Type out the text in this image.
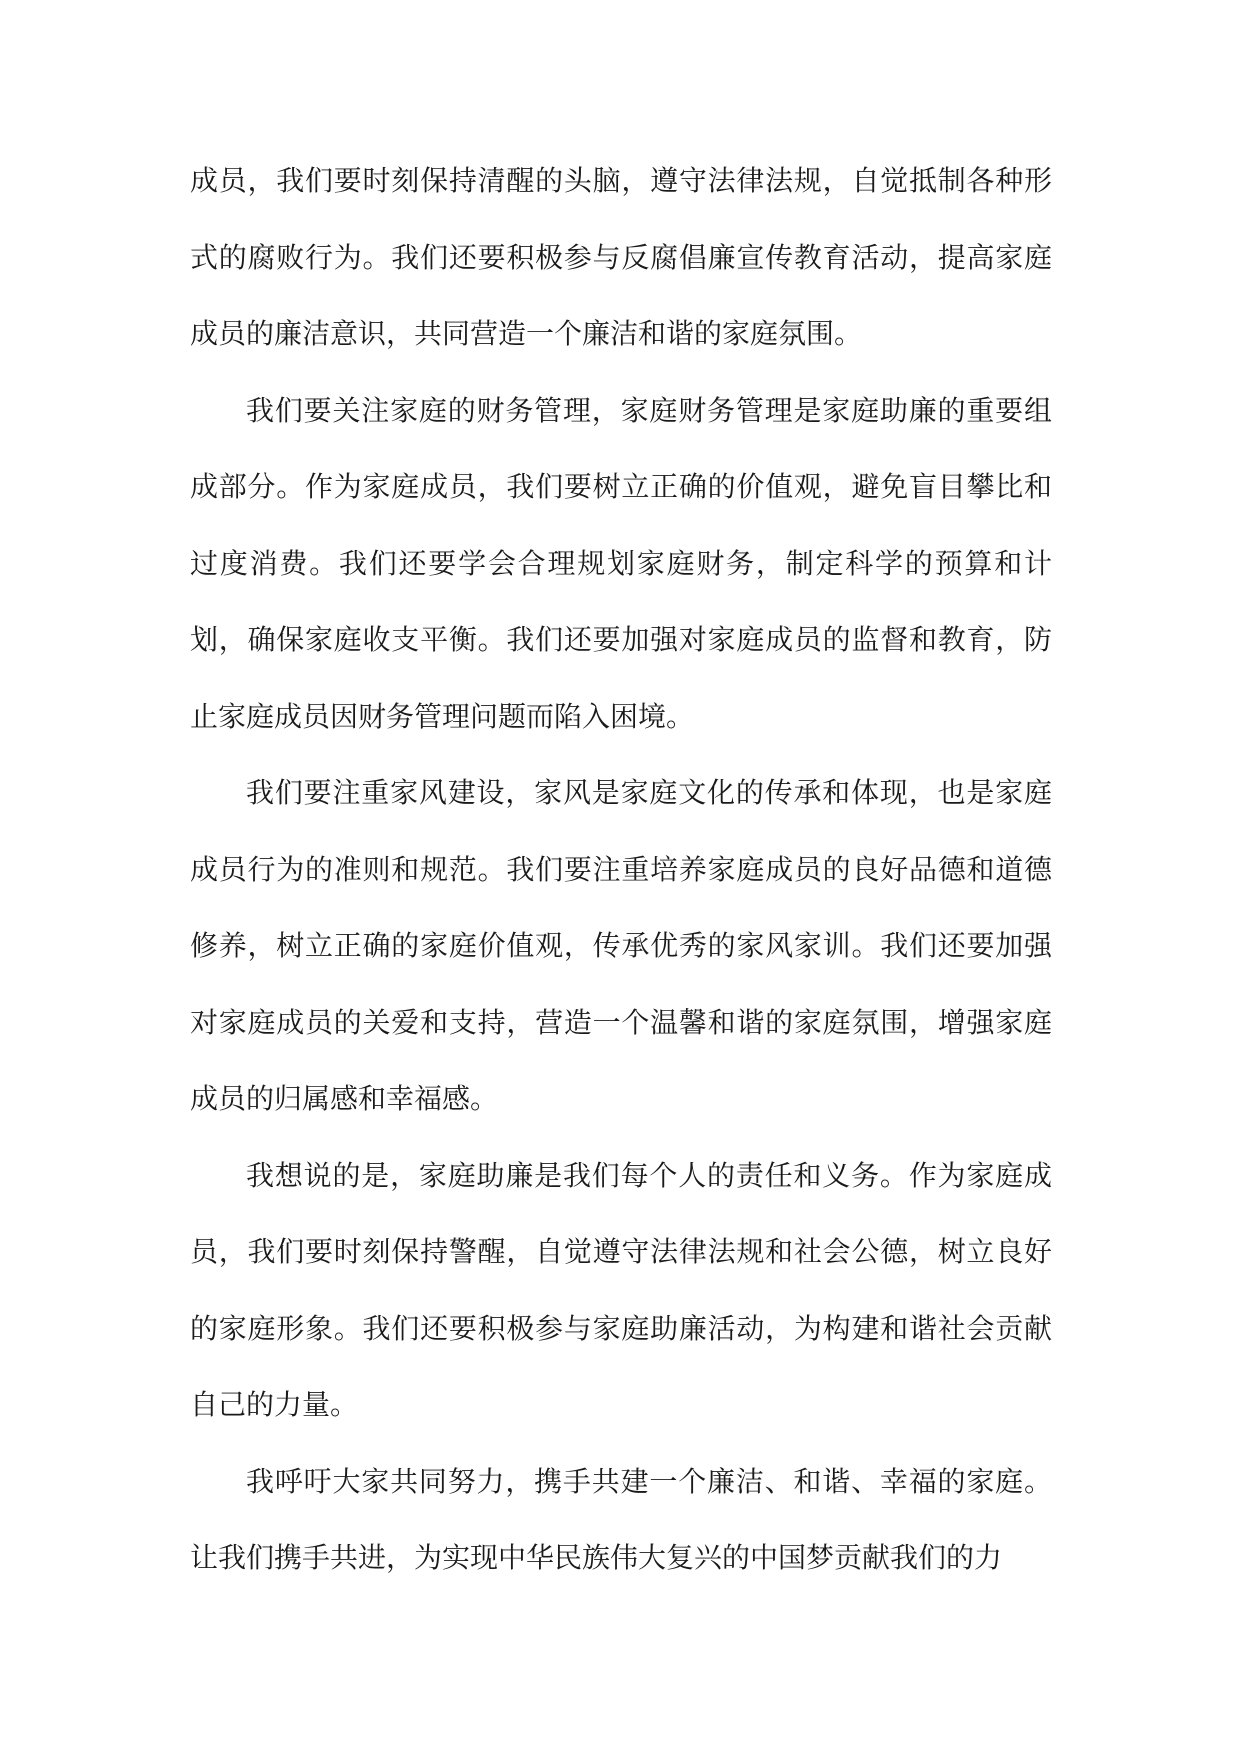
成员，我们要时刻保持清醒的头脑，遵守法律法规，自觉抵制各种形式的腐败行为。我们还要积极参与反腐倡廉宣传教育活动，提高家庭成员的廉洁意识，共同营造一个廉洁和谐的家庭氛围。

我们要关注家庭的财务管理，家庭财务管理是家庭助廉的重要组成部分。作为家庭成员，我们要树立正确的价值观，避免盲目攀比和过度消费。我们还要学会合理规划家庭财务，制定科学的预算和计划，确保家庭收支平衡。我们还要加强对家庭成员的监督和教育，防止家庭成员因财务管理问题而陷入困境。

我们要注重家风建设，家风是家庭文化的传承和体现，也是家庭成员行为的准则和规范。我们要注重培养家庭成员的良好品德和道德修养，树立正确的家庭价值观，传承优秀的家风家训。我们还要加强对家庭成员的关爱和支持，营造一个温馨和谐的家庭氛围，增强家庭成员的归属感和幸福感。

我想说的是，家庭助廉是我们每个人的责任和义务。作为家庭成员，我们要时刻保持警醒，自觉遵守法律法规和社会公德，树立良好的家庭形象。我们还要积极参与家庭助廉活动，为构建和谐社会贡献自己的力量。

我呼吁大家共同努力，携手共建一个廉洁、和谐、幸福的家庭。让我们携手共进，为实现中华民族伟大复兴的中国梦贡献我们的力
